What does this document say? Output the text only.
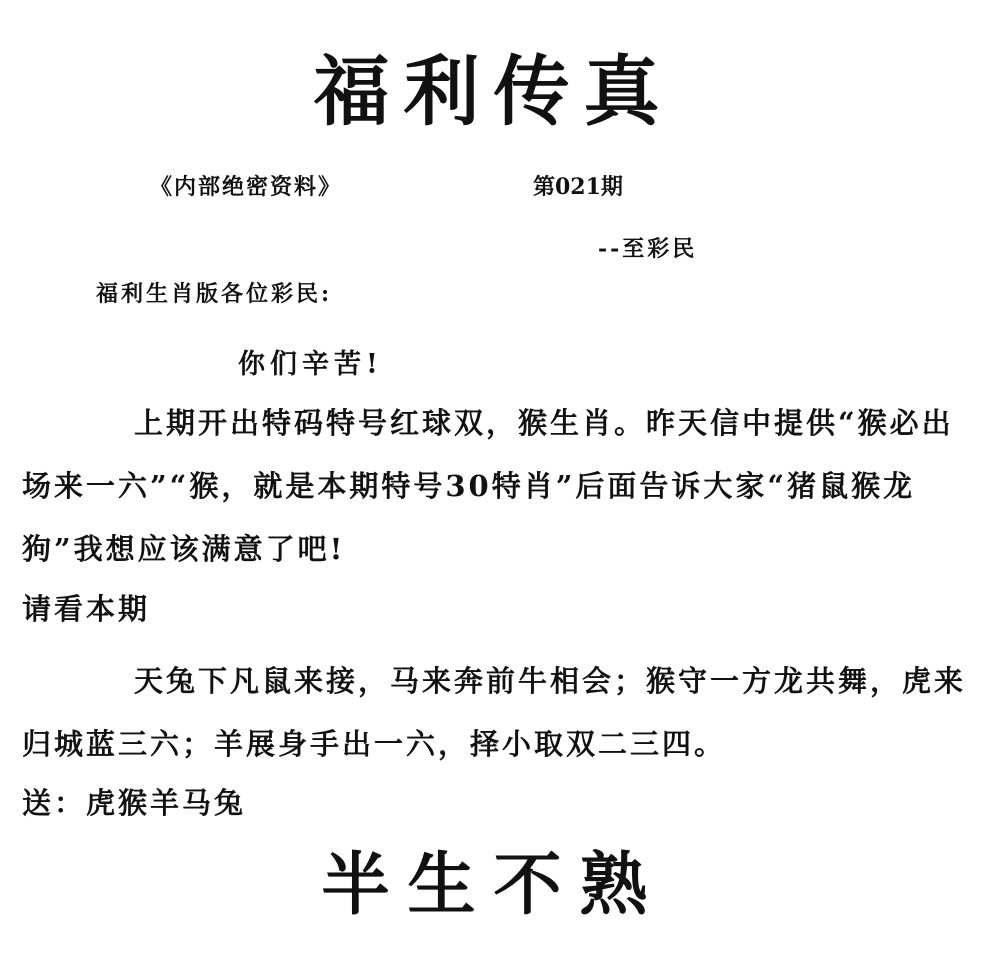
福利传真
《内部绝密资料》	第021期
--至彩民
福利生肖版各位彩民:
你们辛苦!

上期开出特码特号红球双，猴生肖。昨天信中提供“猴必出场来一六”“猴，就是本期特号30特肖”后面告诉大家“猪鼠猴龙狗”我想应该满意了吧!

请看本期

天兔下凡鼠来接，马来奔前牛相会；猴守一方龙共舞，虎来归城蓝三六；羊展身手出一六，择小取双二三四。

送：虎猴羊马兔

半生不熟
